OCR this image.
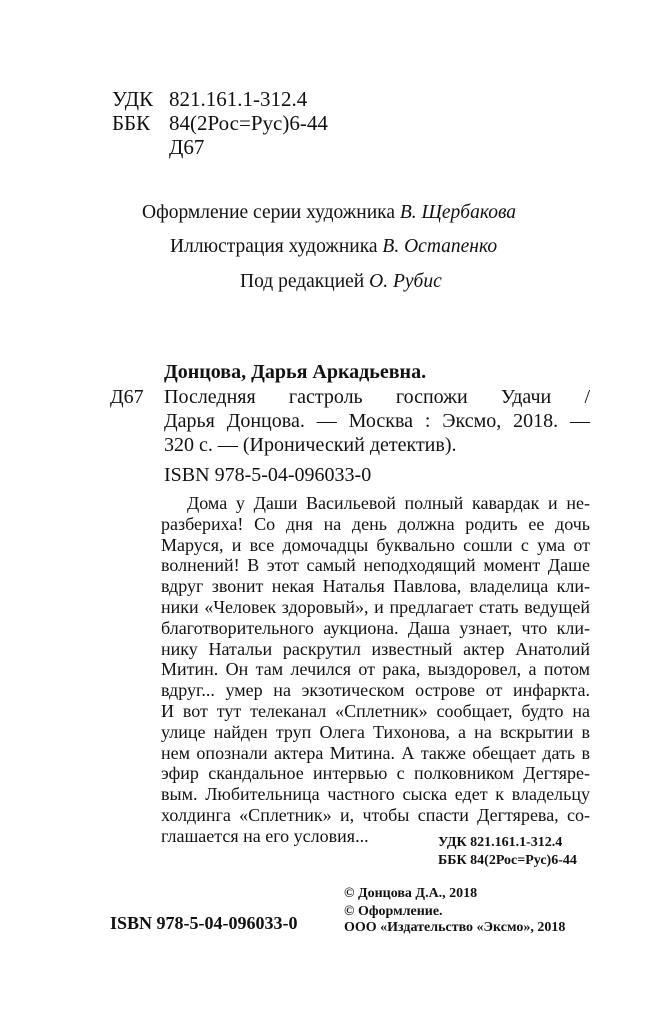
УДК 821.161.1-312.4
ББК 84(2Рос=Рус)6-44
Д67
Оформление серии художника В. Щербакова
Иллюстрация художника В. Остапенко
Под редакцией О. Рубис
Донцова, Дарья Аркадьевна.
Д67 Последняя гастроль госпожи Удачи /
Дарья Донцова. — Москва : Эксмо, 2018. —
320 с. — (Иронический детектив).
ISBN 978-5-04-096033-0
Дома у Даши Васильевой полный кавардак и не-
разбериха! Со дня на день должна родить ее дочь
Маруся, и все домочадцы буквально сошли с ума от
волнений! В этот самый неподходящий момент Даше
вдруг звонит некая Наталья Павлова, владелица кли-
ники «Человек здоровый», и предлагает стать ведущей
благотворительного аукциона. Даша узнает, что кли-
нику Натальи раскрутил известный актер Анатолий
Митин. Он там лечился от рака, выздоровел, а потом
вдруг... умер на экзотическом острове от инфаркта.
И вот тут телеканал «Сплетник» сообщает, будто на
улице найден труп Олега Тихонова, а на вскрытии в
нем опознали актера Митина. А также обещает дать в
эфир скандальное интервью с полковником Дегтяре-
вым. Любительница частного сыска едет к владельцу
холдинга «Сплетник» и, чтобы спасти Дегтярева, со-
глашается на его условия...	УДК 821.161.1-312.4
ББК 84(2Рос=Рус)6-44
© Донцова Д.А., 2018
© Оформление.
ООО «Издательство «Эксмо», 2018
ISBN 978-5-04-096033-0
